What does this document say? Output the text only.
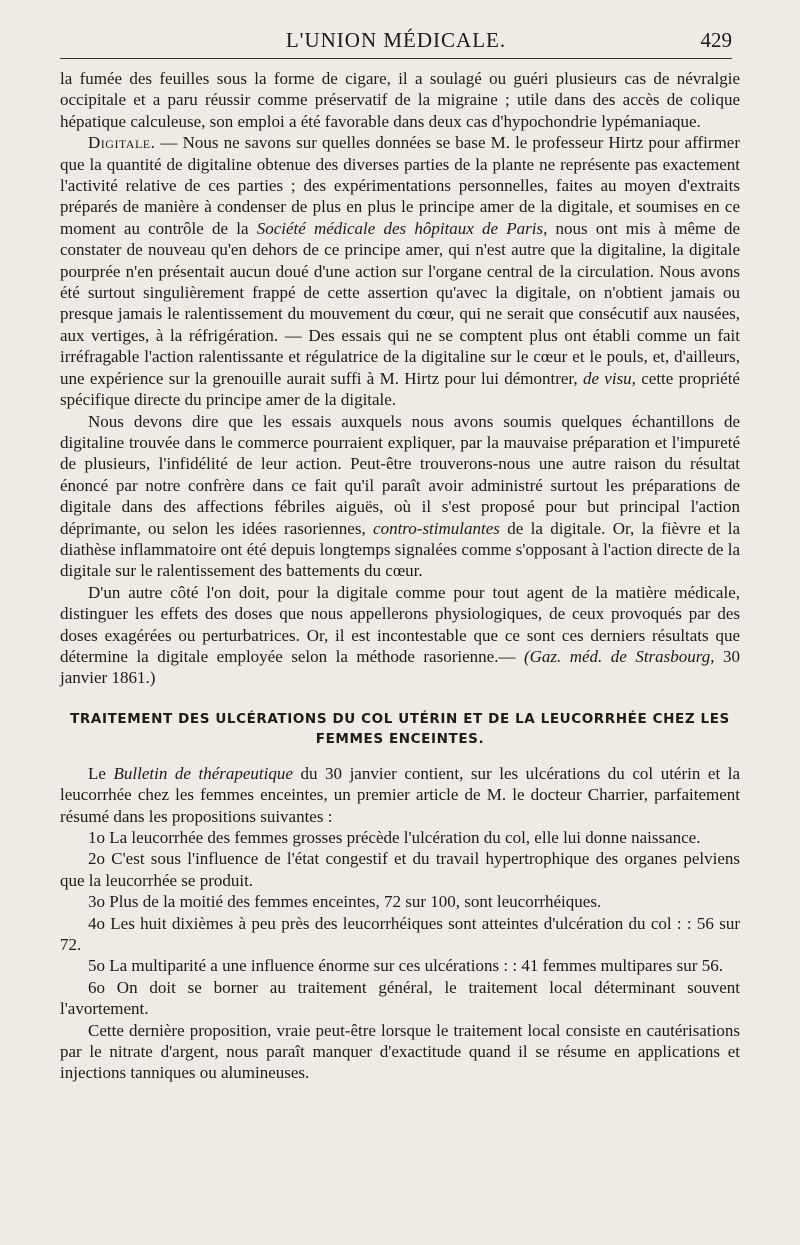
L'UNION MÉDICALE.	429

la fumée des feuilles sous la forme de cigare, il a soulagé ou guéri plusieurs cas de névralgie occipitale et a paru réussir comme préservatif de la migraine ; utile dans des accès de colique hépatique calculeuse, son emploi a été favorable dans deux cas d'hypochondrie lypémaniaque.

Digitale. — Nous ne savons sur quelles données se base M. le professeur Hirtz pour affirmer que la quantité de digitaline obtenue des diverses parties de la plante ne représente pas exactement l'activité relative de ces parties ; des expérimentations personnelles, faites au moyen d'extraits préparés de manière à condenser de plus en plus le principe amer de la digitale, et soumises en ce moment au contrôle de la Société médicale des hôpitaux de Paris, nous ont mis à même de constater de nouveau qu'en dehors de ce principe amer, qui n'est autre que la digitaline, la digitale pourprée n'en présentait aucun doué d'une action sur l'organe central de la circulation. Nous avons été surtout singulièrement frappé de cette assertion qu'avec la digitale, on n'obtient jamais ou presque jamais le ralentissement du mouvement du cœur, qui ne serait que consécutif aux nausées, aux vertiges, à la réfrigération. — Des essais qui ne se comptent plus ont établi comme un fait irréfragable l'action ralentissante et régulatrice de la digitaline sur le cœur et le pouls, et, d'ailleurs, une expérience sur la grenouille aurait suffi à M. Hirtz pour lui démontrer, de visu, cette propriété spécifique directe du principe amer de la digitale.

Nous devons dire que les essais auxquels nous avons soumis quelques échantillons de digitaline trouvée dans le commerce pourraient expliquer, par la mauvaise préparation et l'impureté de plusieurs, l'infidélité de leur action. Peut-être trouverons-nous une autre raison du résultat énoncé par notre confrère dans ce fait qu'il paraît avoir administré surtout les préparations de digitale dans des affections fébriles aiguës, où il s'est proposé pour but principal l'action déprimante, ou selon les idées rasoriennes, contro-stimulantes de la digitale. Or, la fièvre et la diathèse inflammatoire ont été depuis longtemps signalées comme s'opposant à l'action directe de la digitale sur le ralentissement des battements du cœur.

D'un autre côté l'on doit, pour la digitale comme pour tout agent de la matière médicale, distinguer les effets des doses que nous appellerons physiologiques, de ceux provoqués par des doses exagérées ou perturbatrices. Or, il est incontestable que ce sont ces derniers résultats que détermine la digitale employée selon la méthode rasorienne.— (Gaz. méd. de Strasbourg, 30 janvier 1861.)

TRAITEMENT DES ULCÉRATIONS DU COL UTÉRIN ET DE LA LEUCORRHÉE CHEZ LES FEMMES ENCEINTES.

Le Bulletin de thérapeutique du 30 janvier contient, sur les ulcérations du col utérin et la leucorrhée chez les femmes enceintes, un premier article de M. le docteur Charrier, parfaitement résumé dans les propositions suivantes :

1o La leucorrhée des femmes grosses précède l'ulcération du col, elle lui donne naissance.

2o C'est sous l'influence de l'état congestif et du travail hypertrophique des organes pelviens que la leucorrhée se produit.

3o Plus de la moitié des femmes enceintes, 72 sur 100, sont leucorrhéiques.

4o Les huit dixièmes à peu près des leucorrhéiques sont atteintes d'ulcération du col : : 56 sur 72.

5o La multiparité a une influence énorme sur ces ulcérations : : 41 femmes multipares sur 56.

6o On doit se borner au traitement général, le traitement local déterminant souvent l'avortement.

Cette dernière proposition, vraie peut-être lorsque le traitement local consiste en cautérisations par le nitrate d'argent, nous paraît manquer d'exactitude quand il se résume en applications et injections tanniques ou alumineuses.
